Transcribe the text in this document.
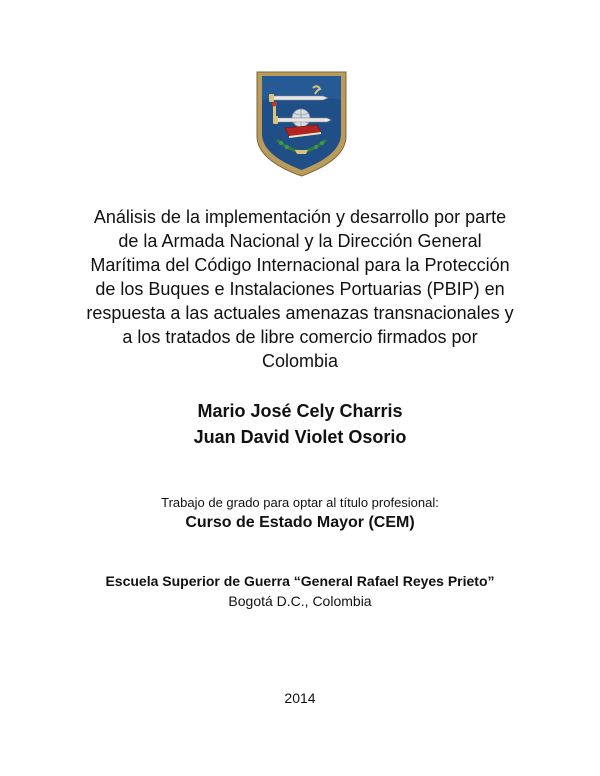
Análisis de la implementación y desarrollo por parte
de la Armada Nacional y la Dirección General
Marítima del Código Internacional para la Protección
de los Buques e Instalaciones Portuarias (PBIP) en
respuesta a las actuales amenazas transnacionales y
a los tratados de libre comercio firmados por
Colombia
Mario José Cely Charris
Juan David Violet Osorio
Trabajo de grado para optar al título profesional:
Curso de Estado Mayor (CEM)
Escuela Superior de Guerra “General Rafael Reyes Prieto”
Bogotá D.C., Colombia
2014
